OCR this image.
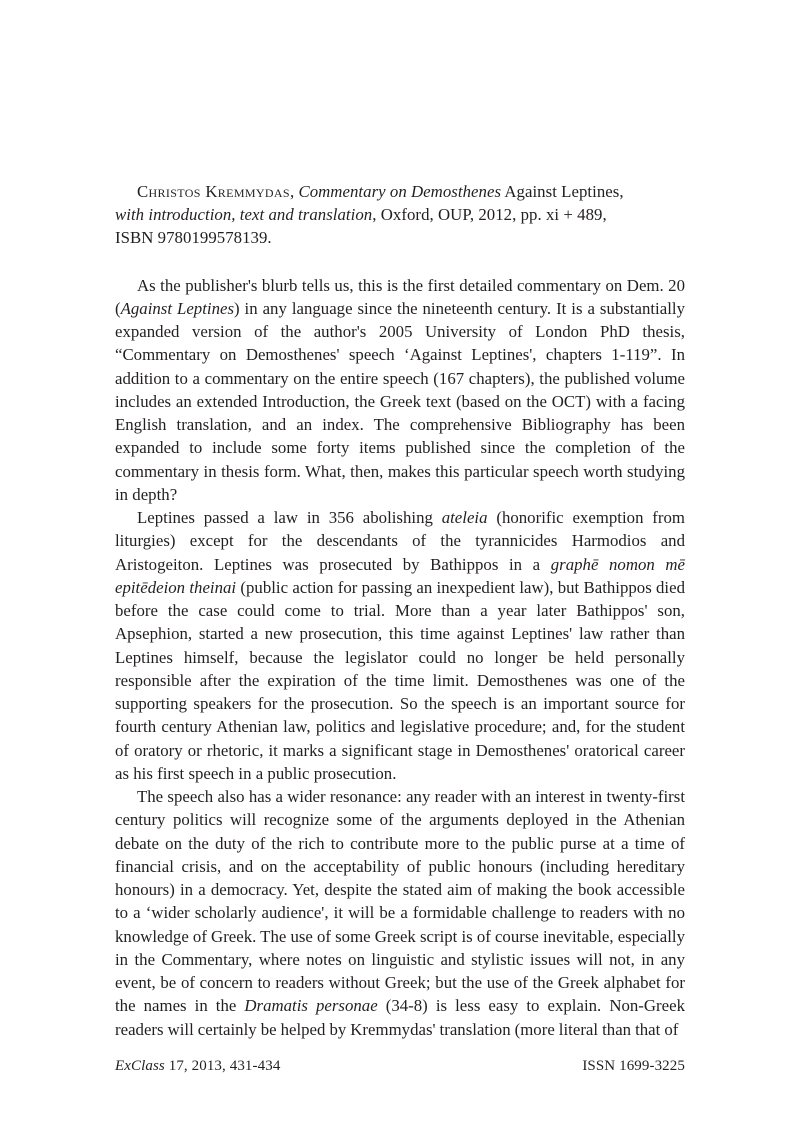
Christos Kremmydas, Commentary on Demosthenes Against Leptines,
with introduction, text and translation, Oxford, OUP, 2012, pp. xi + 489,
ISBN 9780199578139.

As the publisher's blurb tells us, this is the first detailed commentary on Dem. 20 (Against Leptines) in any language since the nineteenth century. It is a substantially expanded version of the author's 2005 University of London PhD thesis, “Commentary on Demosthenes' speech ‘Against Leptines', chapters 1-119”. In addition to a commentary on the entire speech (167 chapters), the published volume includes an extended Introduction, the Greek text (based on the OCT) with a facing English translation, and an index. The comprehensive Bibliography has been expanded to include some forty items published since the completion of the commentary in thesis form. What, then, makes this particular speech worth studying in depth?

Leptines passed a law in 356 abolishing ateleia (honorific exemption from liturgies) except for the descendants of the tyrannicides Harmodios and Aristogeiton. Leptines was prosecuted by Bathippos in a graphē nomon mē epitēdeion theinai (public action for passing an inexpedient law), but Bathippos died before the case could come to trial. More than a year later Bathippos' son, Apsephion, started a new prosecution, this time against Leptines' law rather than Leptines himself, because the legislator could no longer be held personally responsible after the expiration of the time limit. Demosthenes was one of the supporting speakers for the prosecution. So the speech is an important source for fourth century Athenian law, politics and legislative procedure; and, for the student of oratory or rhetoric, it marks a significant stage in Demosthenes' oratorical career as his first speech in a public prosecution.

The speech also has a wider resonance: any reader with an interest in twenty-first century politics will recognize some of the arguments deployed in the Athenian debate on the duty of the rich to contribute more to the public purse at a time of financial crisis, and on the acceptability of public honours (including hereditary honours) in a democracy. Yet, despite the stated aim of making the book accessible to a ‘wider scholarly audience', it will be a formidable challenge to readers with no knowledge of Greek. The use of some Greek script is of course inevitable, especially in the Commentary, where notes on linguistic and stylistic issues will not, in any event, be of concern to readers without Greek; but the use of the Greek alphabet for the names in the Dramatis personae (34-8) is less easy to explain. Non-Greek readers will certainly be helped by Kremmydas' translation (more literal than that of

ExClass 17, 2013, 431-434	ISSN 1699-3225
